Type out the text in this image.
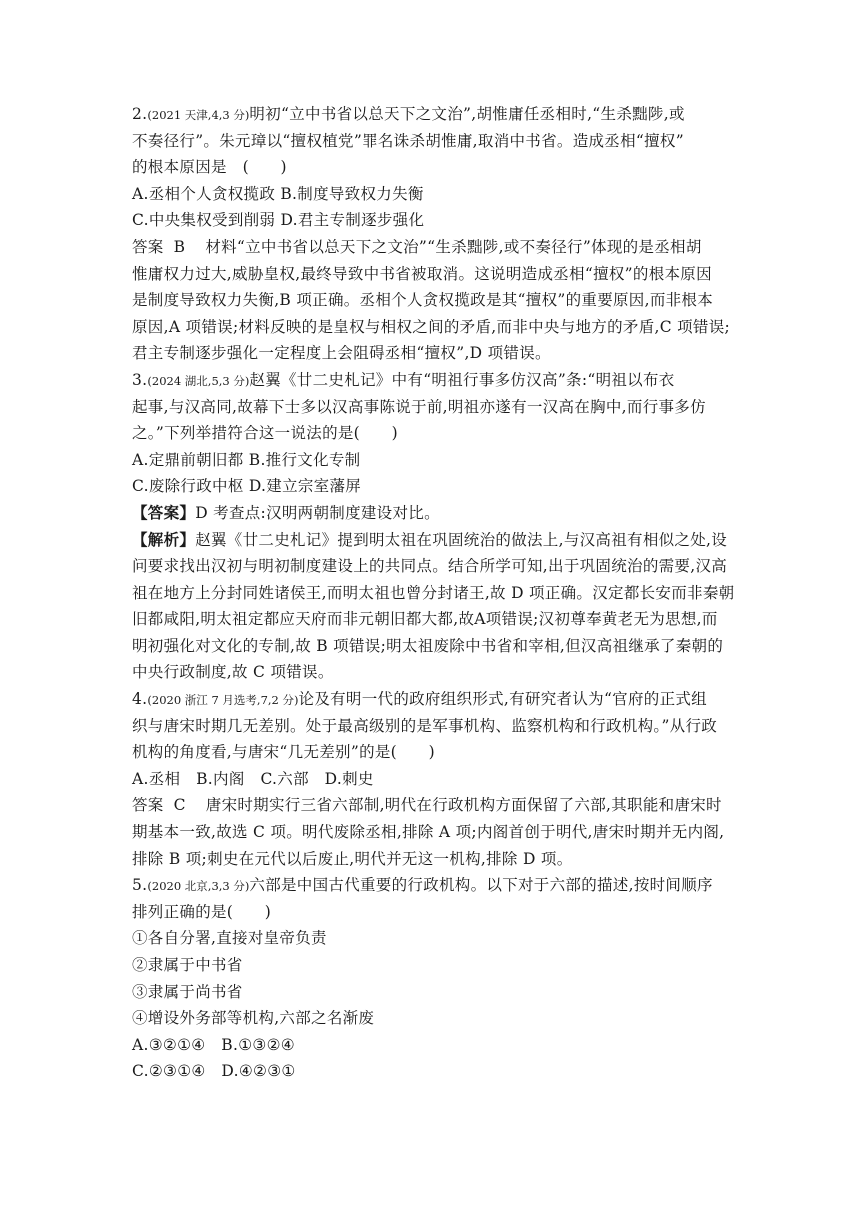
2.(2021 天津,4,3 分)明初“立中书省以总天下之文治”,胡惟庸任丞相时,“生杀黜陟,或
不奏径行”。朱元璋以“擅权植党”罪名诛杀胡惟庸,取消中书省。造成丞相“擅权”
的根本原因是　(　　)
A.丞相个人贪权揽政 B.制度导致权力失衡
C.中央集权受到削弱 D.君主专制逐步强化
答案 B 材料“立中书省以总天下之文治”“生杀黜陟,或不奏径行”体现的是丞相胡
惟庸权力过大,威胁皇权,最终导致中书省被取消。这说明造成丞相“擅权”的根本原因
是制度导致权力失衡,B 项正确。丞相个人贪权揽政是其“擅权”的重要原因,而非根本
原因,A 项错误;材料反映的是皇权与相权之间的矛盾,而非中央与地方的矛盾,C 项错误;
君主专制逐步强化一定程度上会阻碍丞相“擅权”,D 项错误。
3.(2024 湖北,5,3 分)赵翼《廿二史札记》中有“明祖行事多仿汉高”条:“明祖以布衣
起事,与汉高同,故幕下士多以汉高事陈说于前,明祖亦遂有一汉高在胸中,而行事多仿
之。”下列举措符合这一说法的是(　　)
A.定鼎前朝旧都 B.推行文化专制
C.废除行政中枢 D.建立宗室藩屏
【答案】D 考查点:汉明两朝制度建设对比。
【解析】赵翼《廿二史札记》提到明太祖在巩固统治的做法上,与汉高祖有相似之处,设
问要求找出汉初与明初制度建设上的共同点。结合所学可知,出于巩固统治的需要,汉高
祖在地方上分封同姓诸侯王,而明太祖也曾分封诸王,故 D 项正确。汉定都长安而非秦朝
旧都咸阳,明太祖定都应天府而非元朝旧都大都,故A项错误;汉初尊奉黄老无为思想,而
明初强化对文化的专制,故 B 项错误;明太祖废除中书省和宰相,但汉高祖继承了秦朝的
中央行政制度,故 C 项错误。
4.(2020 浙江 7 月选考,7,2 分)论及有明一代的政府组织形式,有研究者认为“官府的正式组
织与唐宋时期几无差别。处于最高级别的是军事机构、监察机构和行政机构。”从行政
机构的角度看,与唐宋“几无差别”的是(　　)
A.丞相　B.内阁　C.六部　D.刺史
答案 C 唐宋时期实行三省六部制,明代在行政机构方面保留了六部,其职能和唐宋时
期基本一致,故选 C 项。明代废除丞相,排除 A 项;内阁首创于明代,唐宋时期并无内阁,
排除 B 项;刺史在元代以后废止,明代并无这一机构,排除 D 项。
5.(2020 北京,3,3 分)六部是中国古代重要的行政机构。以下对于六部的描述,按时间顺序
排列正确的是(　　)
①各自分署,直接对皇帝负责
②隶属于中书省
③隶属于尚书省
④增设外务部等机构,六部之名渐废
A.③②①④　B.①③②④
C.②③①④　D.④②③①
